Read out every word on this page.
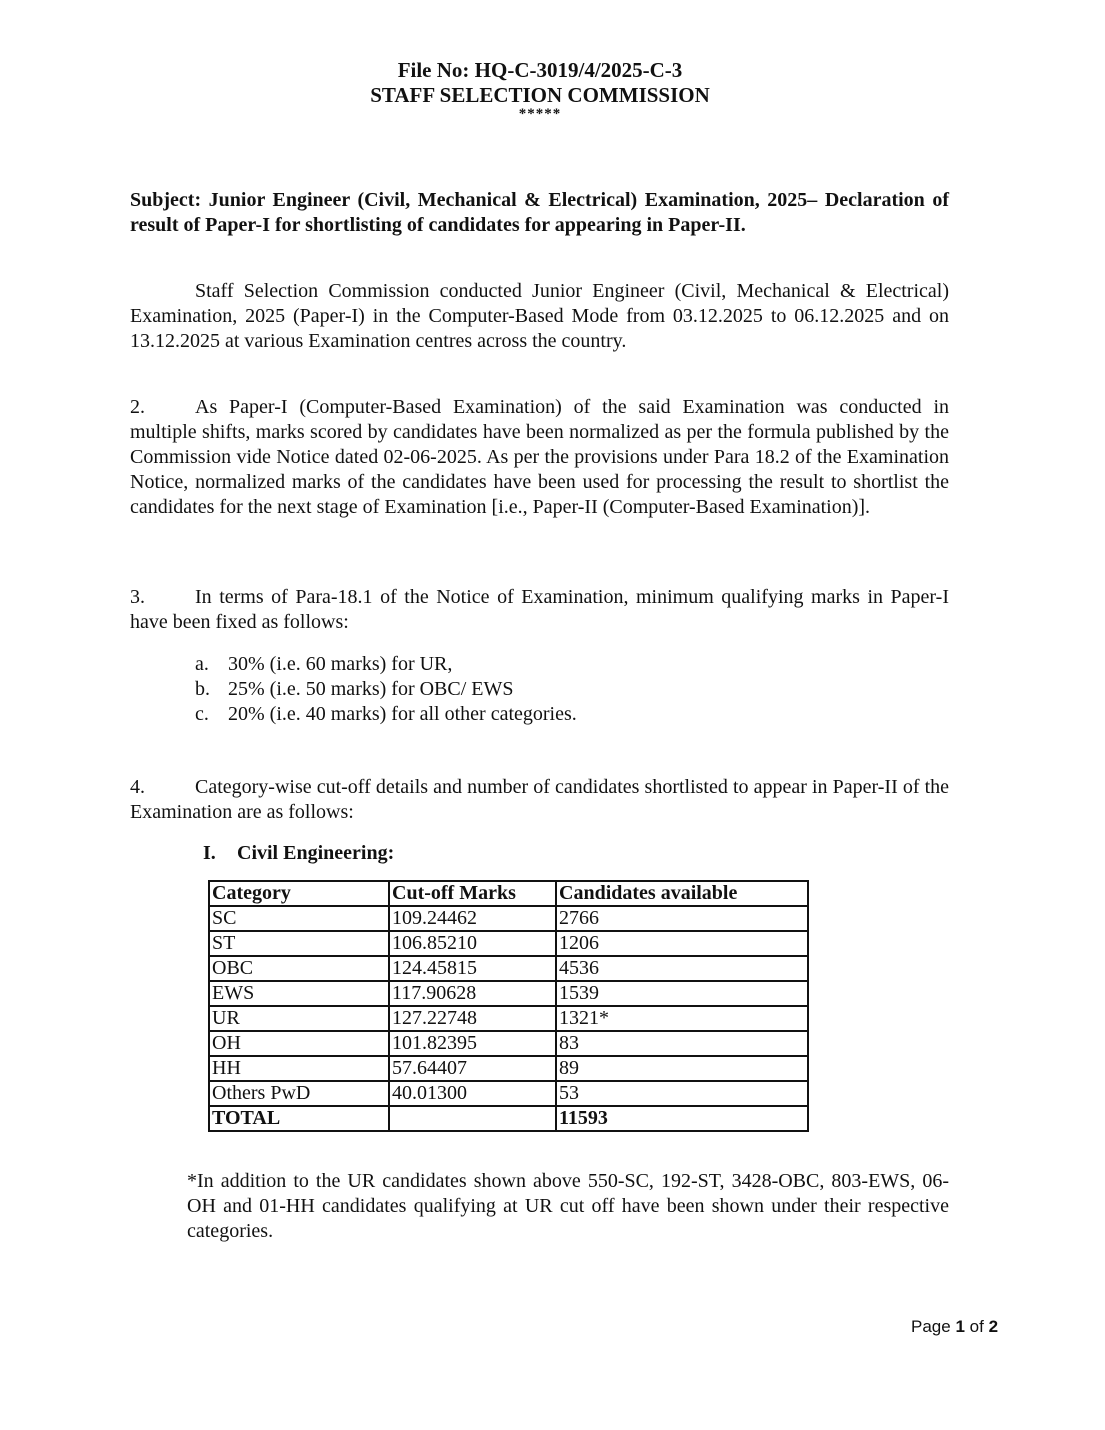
File No: HQ-C-3019/4/2025-C-3
STAFF SELECTION COMMISSION
*****
Subject: Junior Engineer (Civil, Mechanical & Electrical) Examination, 2025– Declaration of result of Paper-I for shortlisting of candidates for appearing in Paper-II.
Staff Selection Commission conducted Junior Engineer (Civil, Mechanical & Electrical) Examination, 2025 (Paper-I) in the Computer-Based Mode from 03.12.2025 to 06.12.2025 and on 13.12.2025 at various Examination centres across the country.
2.	As Paper-I (Computer-Based Examination) of the said Examination was conducted in multiple shifts, marks scored by candidates have been normalized as per the formula published by the Commission vide Notice dated 02-06-2025. As per the provisions under Para 18.2 of the Examination Notice, normalized marks of the candidates have been used for processing the result to shortlist the candidates for the next stage of Examination [i.e., Paper-II (Computer-Based Examination)].
3.	In terms of Para-18.1 of the Notice of Examination, minimum qualifying marks in Paper-I have been fixed as follows:
a. 30% (i.e. 60 marks) for UR,
b. 25% (i.e. 50 marks) for OBC/ EWS
c. 20% (i.e. 40 marks) for all other categories.
4.	Category-wise cut-off details and number of candidates shortlisted to appear in Paper-II of the Examination are as follows:
I. Civil Engineering:
Category	Cut-off Marks	Candidates available
SC	109.24462	2766
ST	106.85210	1206
OBC	124.45815	4536
EWS	117.90628	1539
UR	127.22748	1321*
OH	101.82395	83
HH	57.64407	89
Others PwD	40.01300	53
TOTAL		11593
*In addition to the UR candidates shown above 550-SC, 192-ST, 3428-OBC, 803-EWS, 06-OH and 01-HH candidates qualifying at UR cut off have been shown under their respective categories.
Page 1 of 2
